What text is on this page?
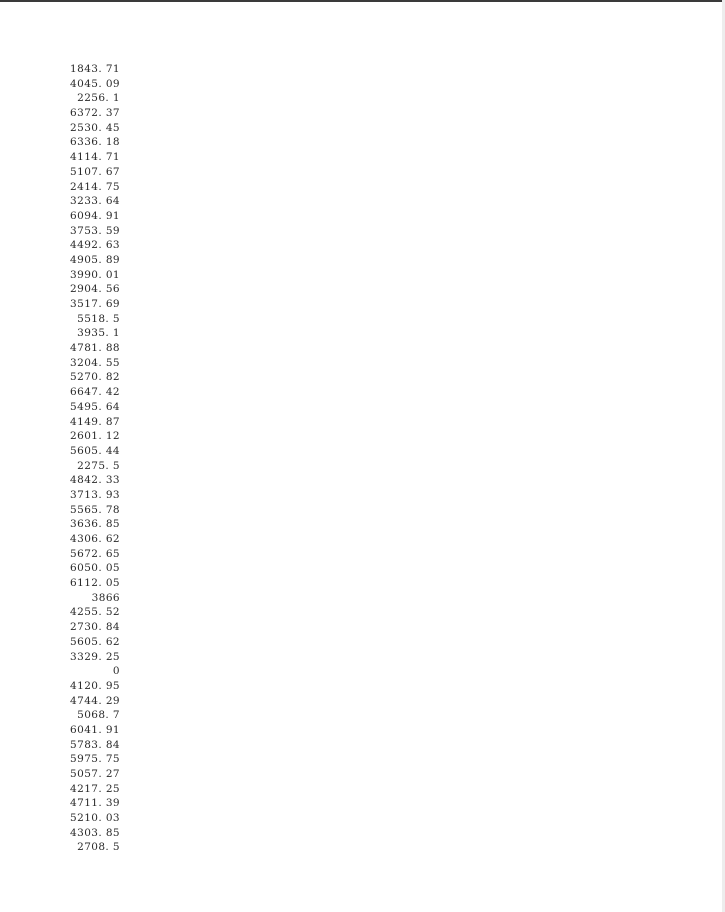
1843. 71
4045. 09
2256. 1
6372. 37
2530. 45
6336. 18
4114. 71
5107. 67
2414. 75
3233. 64
6094. 91
3753. 59
4492. 63
4905. 89
3990. 01
2904. 56
3517. 69
5518. 5
3935. 1
4781. 88
3204. 55
5270. 82
6647. 42
5495. 64
4149. 87
2601. 12
5605. 44
2275. 5
4842. 33
3713. 93
5565. 78
3636. 85
4306. 62
5672. 65
6050. 05
6112. 05
3866
4255. 52
2730. 84
5605. 62
3329. 25
0
4120. 95
4744. 29
5068. 7
6041. 91
5783. 84
5975. 75
5057. 27
4217. 25
4711. 39
5210. 03
4303. 85
2708. 5
